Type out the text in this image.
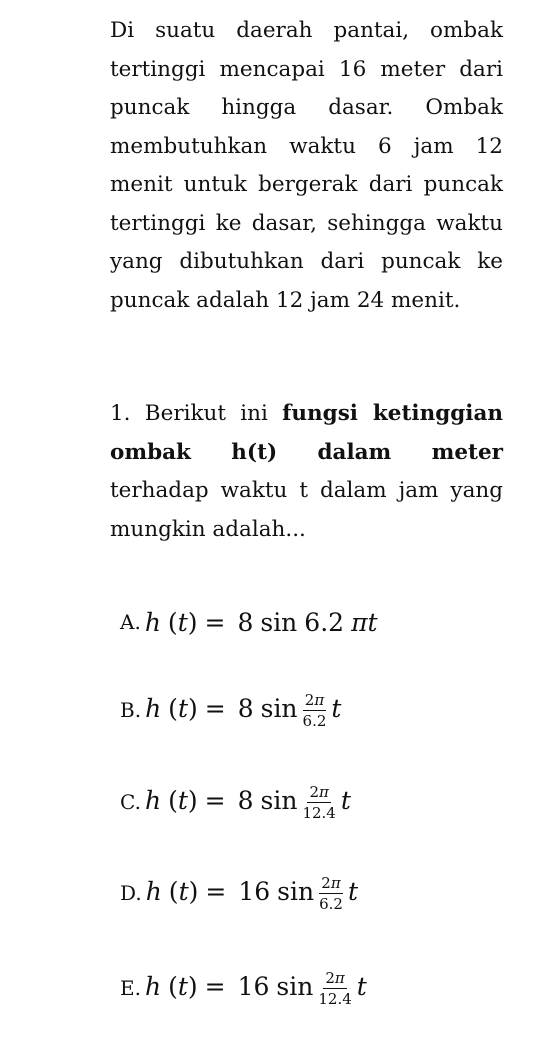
Di suatu daerah pantai, ombak tertinggi mencapai 16 meter dari puncak hingga dasar. Ombak membutuhkan waktu 6 jam 12 menit untuk bergerak dari puncak tertinggi ke dasar, sehingga waktu yang dibutuhkan dari puncak ke puncak adalah 12 jam 24 menit.

1. Berikut ini fungsi ketinggian ombak h(t) dalam meter terhadap waktu t dalam jam yang mungkin adalah...

A. h (t) = 8 sin 6.2 πt
B. h (t) = 8 $\sin \frac{2\pi}{6.2}$ t
C. h (t) = 8 $\sin \frac{2\pi}{12.4}$ t
D. h (t) = 16 $\sin \frac{2\pi}{6.2}$ t
E. h (t) = 16 $\sin \frac{2\pi}{12.4}$ t
